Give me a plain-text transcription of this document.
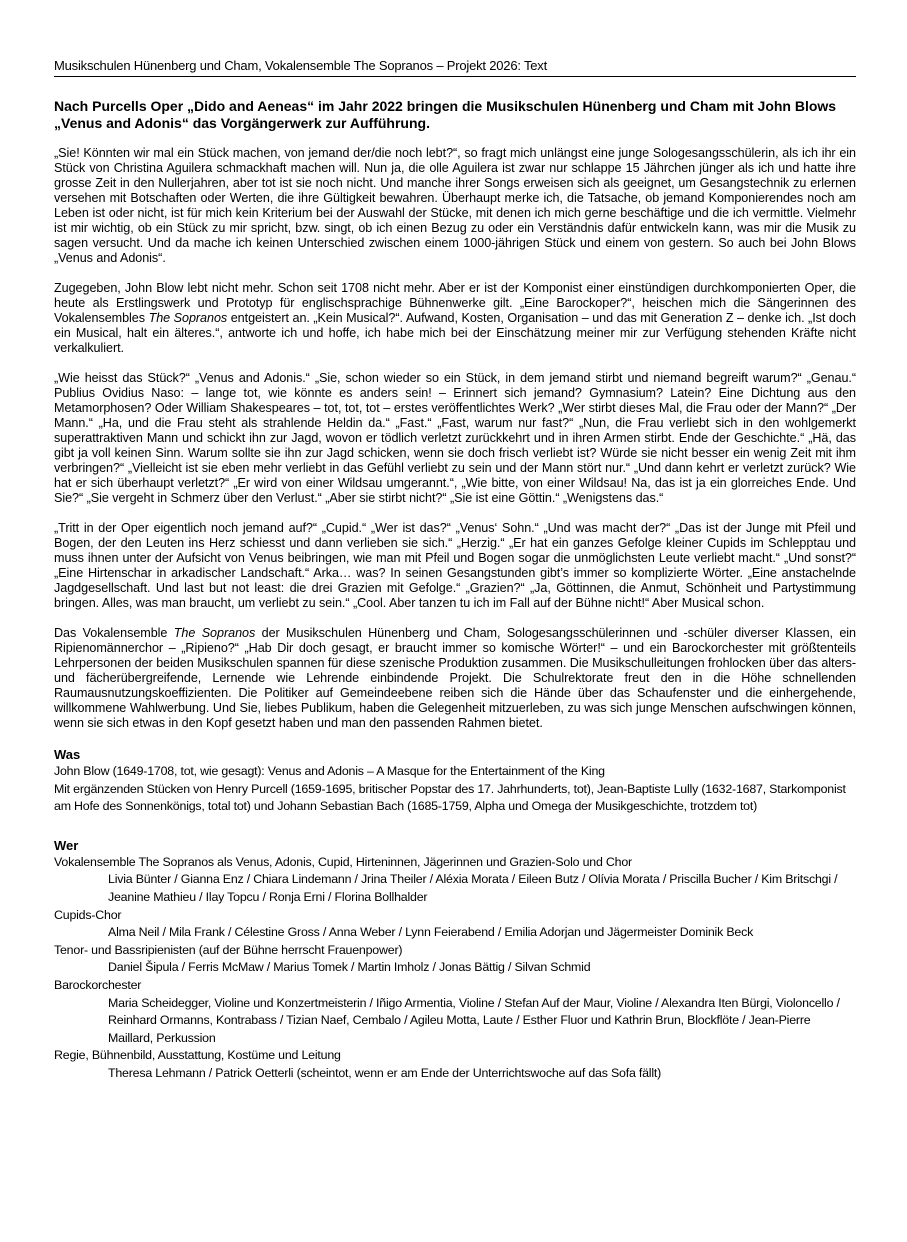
Musikschulen Hünenberg und Cham, Vokalensemble The Sopranos – Projekt 2026: Text
Nach Purcells Oper „Dido and Aeneas“ im Jahr 2022 bringen die Musikschulen Hünenberg und Cham mit John Blows „Venus and Adonis“ das Vorgängerwerk zur Aufführung.

„Sie! Könnten wir mal ein Stück machen, von jemand der/die noch lebt?“, so fragt mich unlängst eine junge Sologesangsschülerin, als ich ihr ein Stück von Christina Aguilera schmackhaft machen will. Nun ja, die olle Aguilera ist zwar nur schlappe 15 Jährchen jünger als ich und hatte ihre grosse Zeit in den Nullerjahren, aber tot ist sie noch nicht. Und manche ihrer Songs erweisen sich als geeignet, um Gesangstechnik zu erlernen versehen mit Botschaften oder Werten, die ihre Gültigkeit bewahren. Überhaupt merke ich, die Tatsache, ob jemand Komponierendes noch am Leben ist oder nicht, ist für mich kein Kriterium bei der Auswahl der Stücke, mit denen ich mich gerne beschäftige und die ich vermittle. Vielmehr ist mir wichtig, ob ein Stück zu mir spricht, bzw. singt, ob ich einen Bezug zu oder ein Verständnis dafür entwickeln kann, was mir die Musik zu sagen versucht. Und da mache ich keinen Unterschied zwischen einem 1000-jährigen Stück und einem von gestern. So auch bei John Blows „Venus and Adonis“.

Zugegeben, John Blow lebt nicht mehr. Schon seit 1708 nicht mehr. Aber er ist der Komponist einer einstündigen durchkomponierten Oper, die heute als Erstlingswerk und Prototyp für englischsprachige Bühnenwerke gilt. „Eine Barockoper?“, heischen mich die Sängerinnen des Vokalensembles The Sopranos entgeistert an. „Kein Musical?“. Aufwand, Kosten, Organisation – und das mit Generation Z – denke ich. „Ist doch ein Musical, halt ein älteres.“, antworte ich und hoffe, ich habe mich bei der Einschätzung meiner mir zur Verfügung stehenden Kräfte nicht verkalkuliert.

„Wie heisst das Stück?“ „Venus and Adonis.“ „Sie, schon wieder so ein Stück, in dem jemand stirbt und niemand begreift warum?“ „Genau.“ Publius Ovidius Naso: – lange tot, wie könnte es anders sein! – Erinnert sich jemand? Gymnasium? Latein? Eine Dichtung aus den Metamorphosen? Oder William Shakespeares – tot, tot, tot – erstes veröffentlichtes Werk? „Wer stirbt dieses Mal, die Frau oder der Mann?“ „Der Mann.“ „Ha, und die Frau steht als strahlende Heldin da.“ „Fast.“ „Fast, warum nur fast?“ „Nun, die Frau verliebt sich in den wohlgemerkt superattraktiven Mann und schickt ihn zur Jagd, wovon er tödlich verletzt zurückkehrt und in ihren Armen stirbt. Ende der Geschichte.“ „Hä, das gibt ja voll keinen Sinn. Warum sollte sie ihn zur Jagd schicken, wenn sie doch frisch verliebt ist? Würde sie nicht besser ein wenig Zeit mit ihm verbringen?“ „Vielleicht ist sie eben mehr verliebt in das Gefühl verliebt zu sein und der Mann stört nur.“ „Und dann kehrt er verletzt zurück? Wie hat er sich überhaupt verletzt?“ „Er wird von einer Wildsau umgerannt.“, „Wie bitte, von einer Wildsau! Na, das ist ja ein glorreiches Ende. Und Sie?“ „Sie vergeht in Schmerz über den Verlust.“ „Aber sie stirbt nicht?“ „Sie ist eine Göttin.“ „Wenigstens das.“

„Tritt in der Oper eigentlich noch jemand auf?“ „Cupid.“ „Wer ist das?“ „Venus‘ Sohn.“ „Und was macht der?“ „Das ist der Junge mit Pfeil und Bogen, der den Leuten ins Herz schiesst und dann verlieben sie sich.“ „Herzig.“ „Er hat ein ganzes Gefolge kleiner Cupids im Schlepptau und muss ihnen unter der Aufsicht von Venus beibringen, wie man mit Pfeil und Bogen sogar die unmöglichsten Leute verliebt macht.“ „Und sonst?“ „Eine Hirtenschar in arkadischer Landschaft.“ Arka… was? In seinen Gesangstunden gibt’s immer so komplizierte Wörter. „Eine anstachelnde Jagdgesellschaft. Und last but not least: die drei Grazien mit Gefolge.“ „Grazien?“ „Ja, Göttinnen, die Anmut, Schönheit und Partystimmung bringen. Alles, was man braucht, um verliebt zu sein.“ „Cool. Aber tanzen tu ich im Fall auf der Bühne nicht!“ Aber Musical schon.

Das Vokalensemble The Sopranos der Musikschulen Hünenberg und Cham, Sologesangsschülerinnen und -schüler diverser Klassen, ein Ripienomännerchor – „Ripieno?“ „Hab Dir doch gesagt, er braucht immer so komische Wörter!“ – und ein Barockorchester mit größtenteils Lehrpersonen der beiden Musikschulen spannen für diese szenische Produktion zusammen. Die Musikschulleitungen frohlocken über das alters- und fächerübergreifende, Lernende wie Lehrende einbindende Projekt. Die Schulrektorate freut den in die Höhe schnellenden Raumausnutzungskoeffizienten. Die Politiker auf Gemeindeebene reiben sich die Hände über das Schaufenster und die einhergehende, willkommene Wahlwerbung. Und Sie, liebes Publikum, haben die Gelegenheit mitzuerleben, zu was sich junge Menschen aufschwingen können, wenn sie sich etwas in den Kopf gesetzt haben und man den passenden Rahmen bietet.

Was
John Blow (1649-1708, tot, wie gesagt): Venus and Adonis – A Masque for the Entertainment of the King
Mit ergänzenden Stücken von Henry Purcell (1659-1695, britischer Popstar des 17. Jahrhunderts, tot), Jean-Baptiste Lully (1632-1687, Starkomponist am Hofe des Sonnenkönigs, total tot) und Johann Sebastian Bach (1685-1759, Alpha und Omega der Musikgeschichte, trotzdem tot)
Wer
Vokalensemble The Sopranos als Venus, Adonis, Cupid, Hirteninnen, Jägerinnen und Grazien-Solo und Chor
Livia Bünter / Gianna Enz / Chiara Lindemann / Jrina Theiler / Aléxia Morata / Eileen Butz / Olívia Morata / Priscilla Bucher / Kim Britschgi / Jeanine Mathieu / Ilay Topcu / Ronja Erni / Florina Bollhalder
Cupids-Chor
Alma Neil / Mila Frank / Célestine Gross / Anna Weber / Lynn Feierabend / Emilia Adorjan und Jägermeister Dominik Beck
Tenor- und Bassripienisten (auf der Bühne herrscht Frauenpower)
Daniel Šipula / Ferris McMaw / Marius Tomek / Martin Imholz / Jonas Bättig / Silvan Schmid
Barockorchester
Maria Scheidegger, Violine und Konzertmeisterin / Iñigo Armentia, Violine / Stefan Auf der Maur, Violine / Alexandra Iten Bürgi, Violoncello / Reinhard Ormanns, Kontrabass / Tizian Naef, Cembalo / Agileu Motta, Laute / Esther Fluor und Kathrin Brun, Blockflöte / Jean-Pierre Maillard, Perkussion
Regie, Bühnenbild, Ausstattung, Kostüme und Leitung
Theresa Lehmann / Patrick Oetterli (scheintot, wenn er am Ende der Unterrichtswoche auf das Sofa fällt)
